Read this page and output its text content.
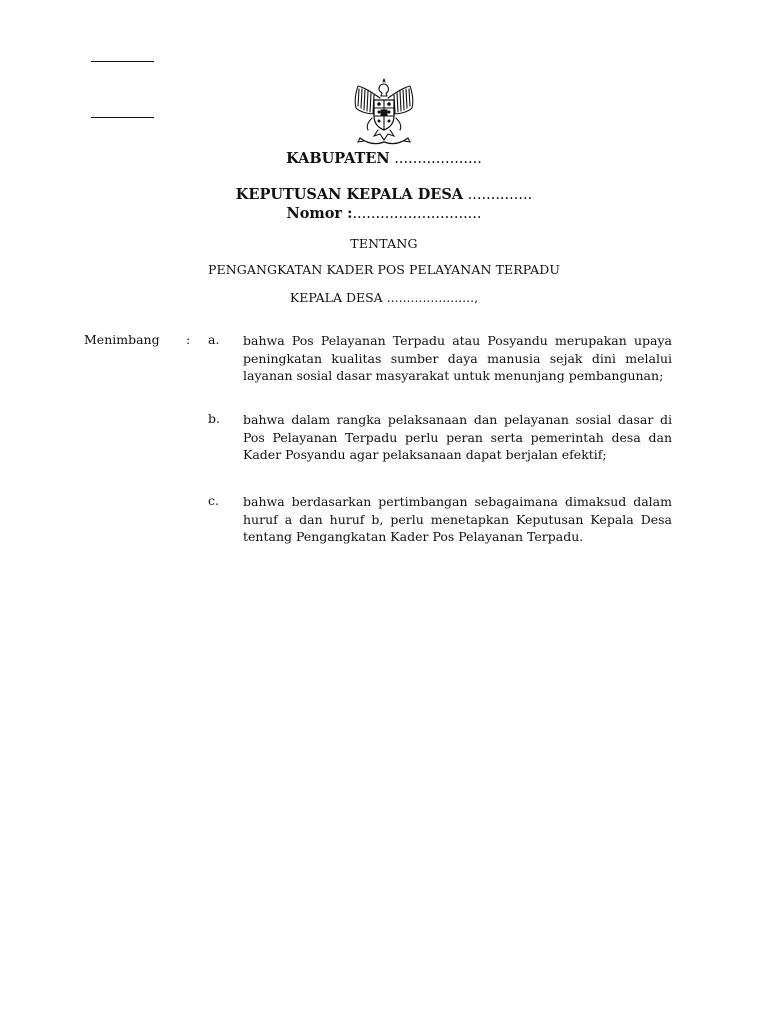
KABUPATEN ...................
KEPUTUSAN KEPALA DESA ..............
Nomor :............................
TENTANG
PENGANGKATAN KADER POS PELAYANAN TERPADU
KEPALA DESA ......................,
Menimbang : a. bahwa Pos Pelayanan Terpadu atau Posyandu merupakan upaya peningkatan kualitas sumber daya manusia sejak dini melalui layanan sosial dasar masyarakat untuk menunjang pembangunan;
b. bahwa dalam rangka pelaksanaan dan pelayanan sosial dasar di Pos Pelayanan Terpadu perlu peran serta pemerintah desa dan Kader Posyandu agar pelaksanaan dapat berjalan efektif;
c. bahwa berdasarkan pertimbangan sebagaimana dimaksud dalam huruf a dan huruf b, perlu menetapkan Keputusan Kepala Desa tentang Pengangkatan Kader Pos Pelayanan Terpadu.
